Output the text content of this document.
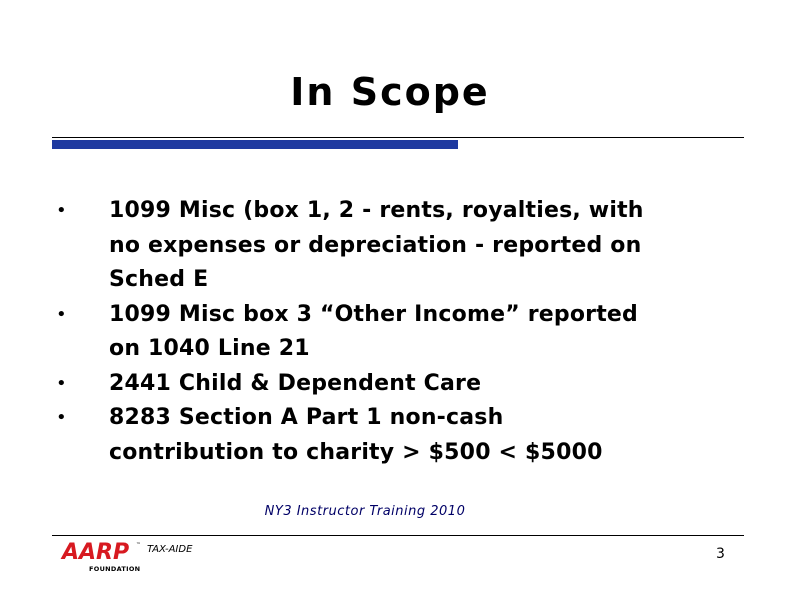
In Scope
• 1099 Misc (box 1, 2 - rents, royalties, with
no expenses or depreciation - reported on
Sched E
• 1099 Misc box 3 “Other Income” reported
on 1040 Line 21
• 2441 Child & Dependent Care
• 8283 Section A Part 1 non-cash
contribution to charity > $500 < $5000
NY3 Instructor Training 2010
AARP ™ TAX-AIDE
FOUNDATION
3
